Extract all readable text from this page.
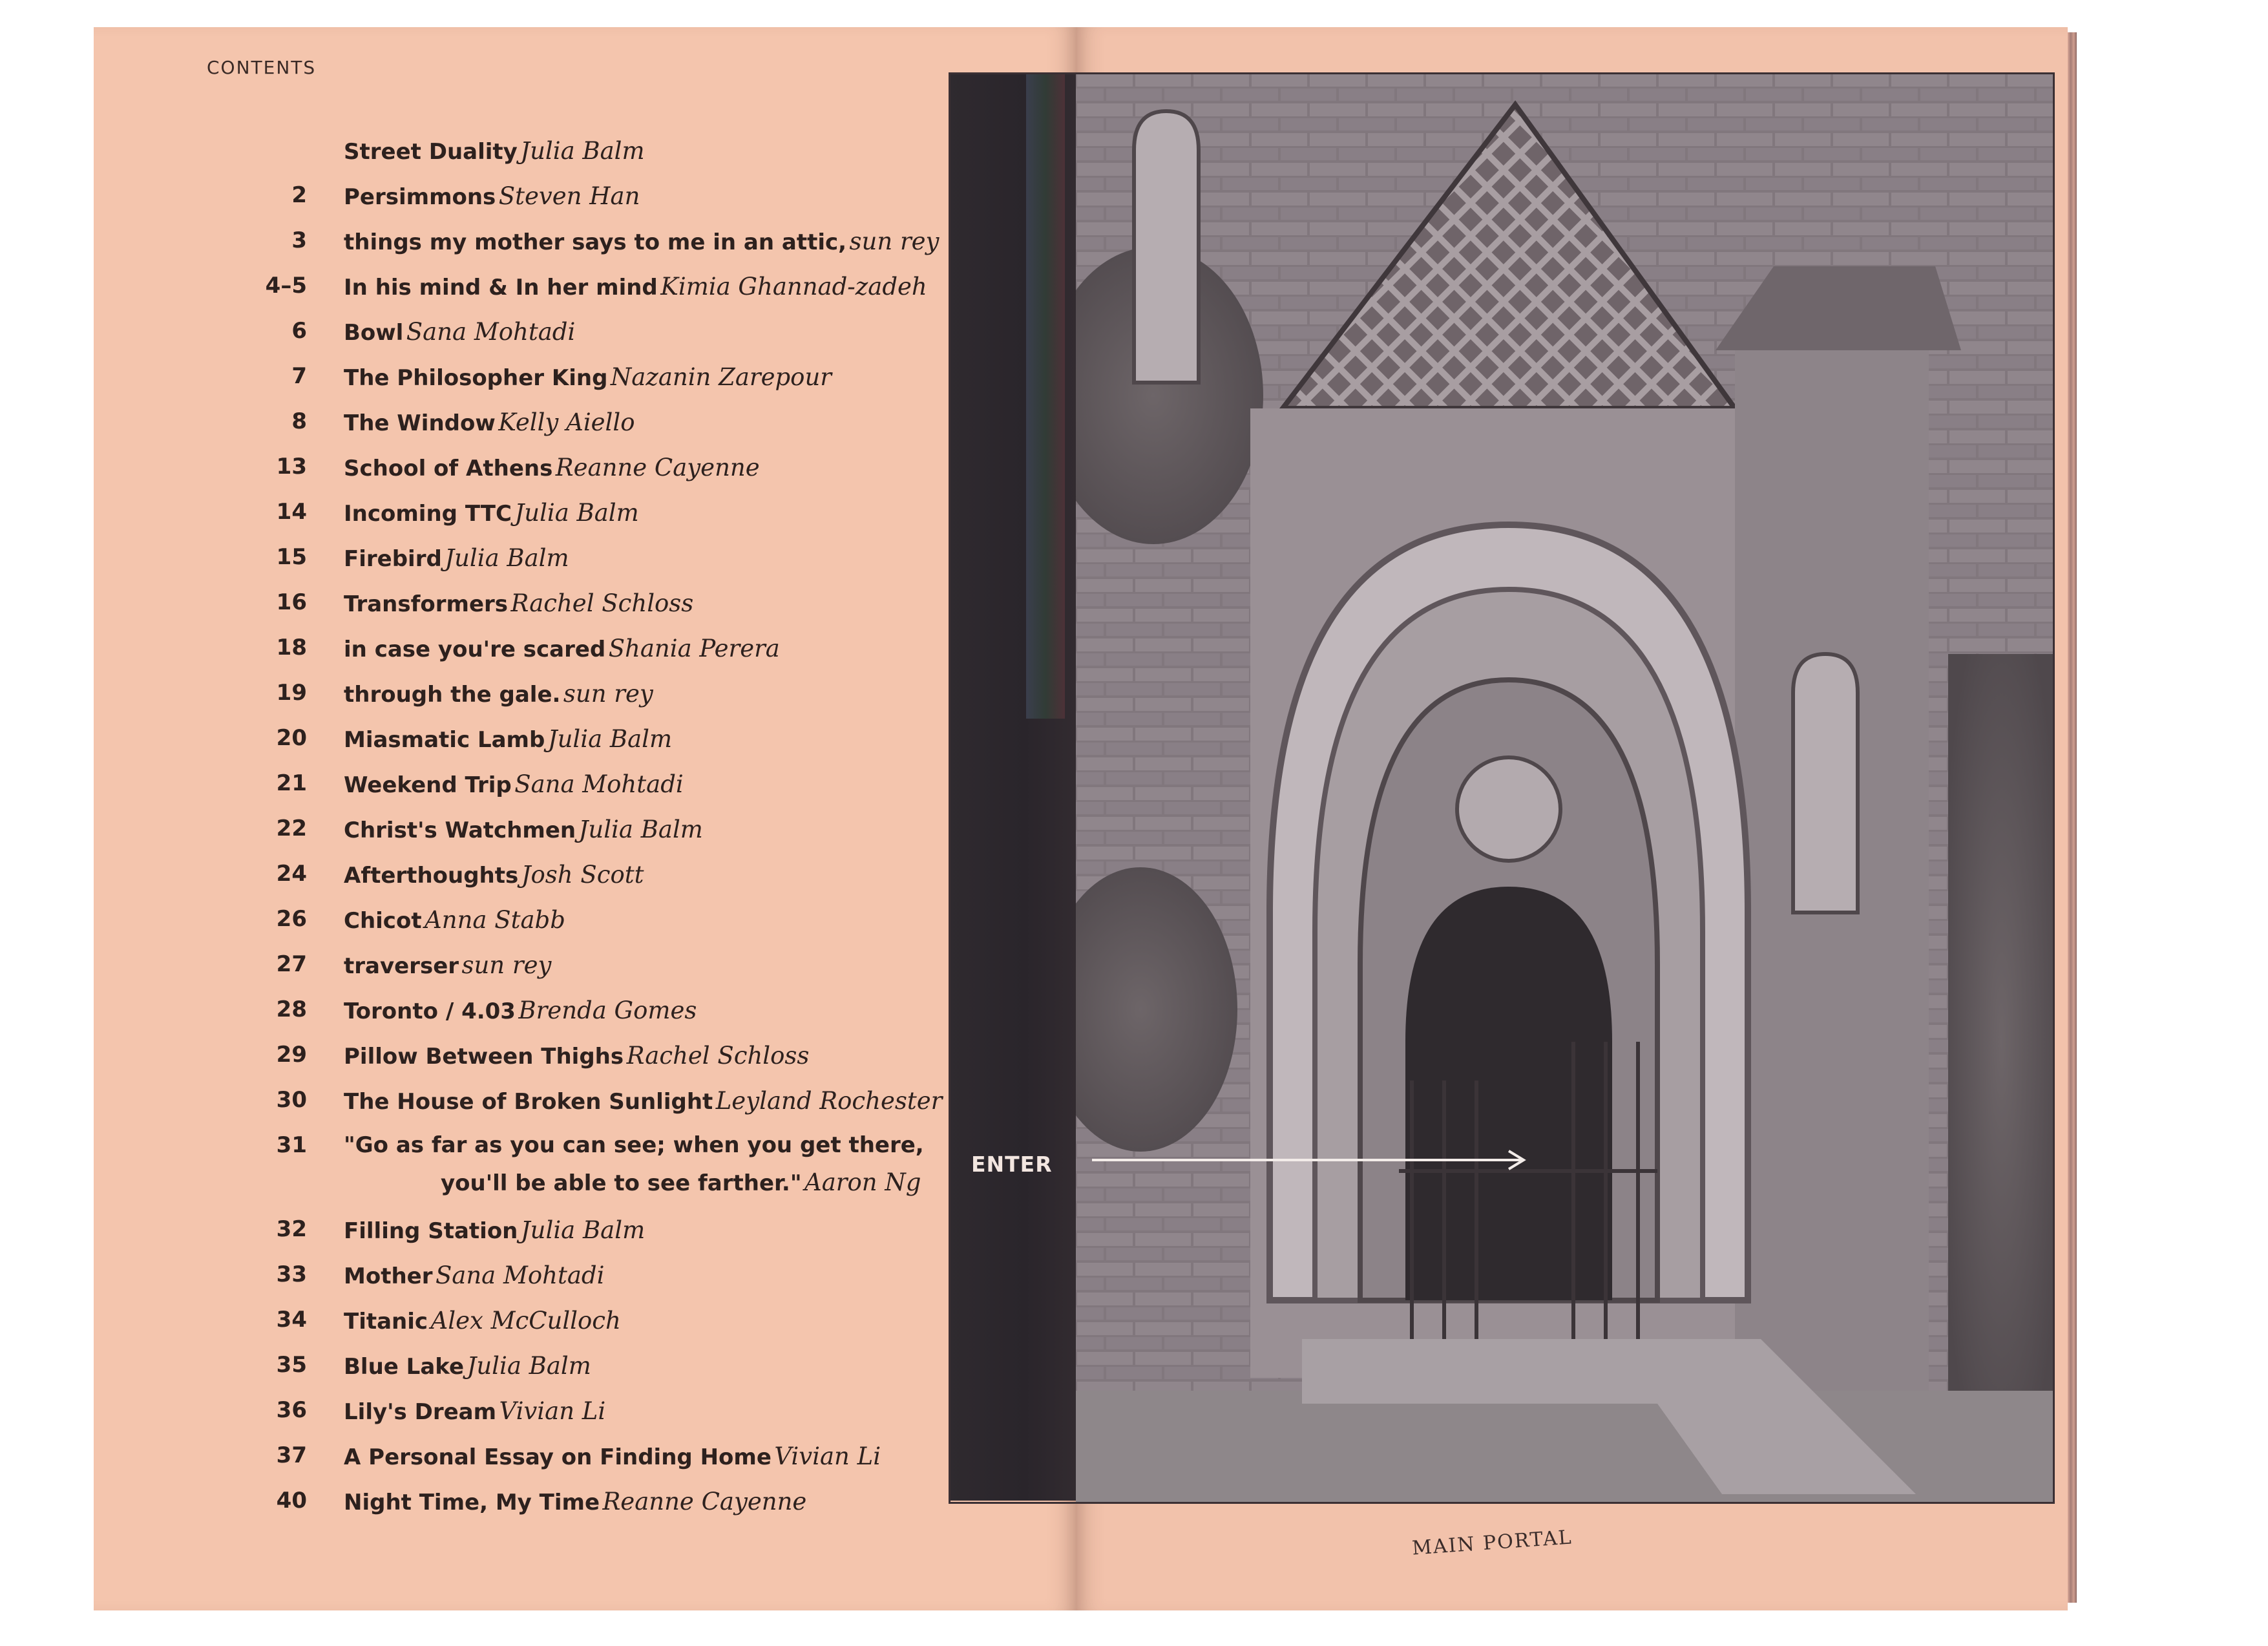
CONTENTS
Street Duality Julia Balm
2 Persimmons Steven Han
3 things my mother says to me in an attic, sun rey
4–5 In his mind & In her mind Kimia Ghannad-zadeh
6 Bowl Sana Mohtadi
7 The Philosopher King Nazanin Zarepour
8 The Window Kelly Aiello
13 School of Athens Reanne Cayenne
14 Incoming TTC Julia Balm
15 Firebird Julia Balm
16 Transformers Rachel Schloss
18 in case you're scared Shania Perera
19 through the gale. sun rey
20 Miasmatic Lamb Julia Balm
21 Weekend Trip Sana Mohtadi
22 Christ's Watchmen Julia Balm
24 Afterthoughts Josh Scott
26 Chicot Anna Stabb
27 traverser sun rey
28 Toronto / 4.03 Brenda Gomes
29 Pillow Between Thighs Rachel Schloss
30 The House of Broken Sunlight Leyland Rochester
31 "Go as far as you can see; when you get there,
you'll be able to see farther." Aaron Ng
32 Filling Station Julia Balm
33 Mother Sana Mohtadi
34 Titanic Alex McCulloch
35 Blue Lake Julia Balm
36 Lily's Dream Vivian Li
37 A Personal Essay on Finding Home Vivian Li
40 Night Time, My Time Reanne Cayenne
ENTER
MAIN PORTAL
